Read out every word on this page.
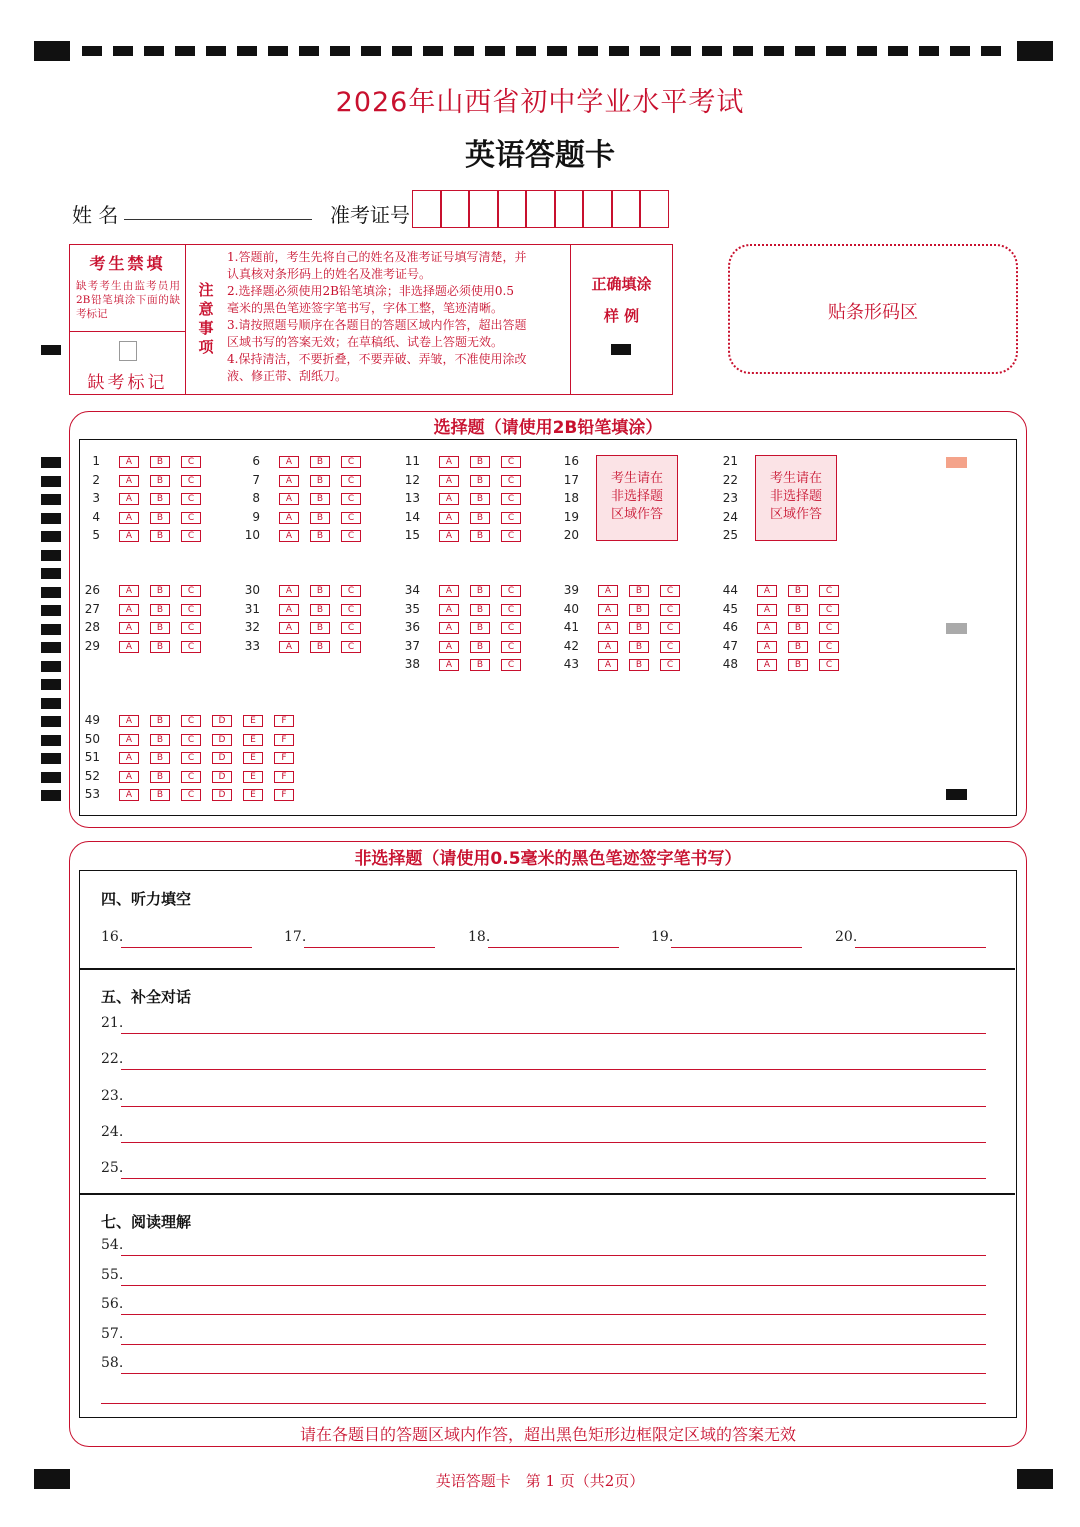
2026年山西省初中学业水平考试
英语答题卡
姓 名	准考证号
考生禁填
缺考考生由监考员用2B铅笔填涂下面的缺考标记
缺考标记
注
意
事
项
1.答题前，考生先将自己的姓名及准考证号填写清楚，并
认真核对条形码上的姓名及准考证号。
2.选择题必须使用2B铅笔填涂；非选择题必须使用0.5
毫米的黑色笔迹签字笔书写，字体工整，笔迹清晰。
3.请按照题号顺序在各题目的答题区域内作答，超出答题
区域书写的答案无效；在草稿纸、试卷上答题无效。
4.保持清洁，不要折叠，不要弄破、弄皱，不准使用涂改
液、修正带、刮纸刀。
正确填涂
样 例	贴条形码区
选择题（请使用2B铅笔填涂）
1	A	B	C
2	A	B	C
3	A	B	C
4	A	B	C
5	A	B	C
6	A	B	C
7	A	B	C
8	A	B	C
9	A	B	C
10	A	B	C
11	A	B	C
12	A	B	C
13	A	B	C
14	A	B	C
15	A	B	C
16
17
18
19
20
考生请在
非选择题
区域作答
21
22
23
24
25
考生请在
非选择题
区域作答
26	A	B	C
27	A	B	C
28	A	B	C
29	A	B	C
30	A	B	C
31	A	B	C
32	A	B	C
33	A	B	C
34	A	B	C
35	A	B	C
36	A	B	C
37	A	B	C
38	A	B	C
39	A	B	C
40	A	B	C
41	A	B	C
42	A	B	C
43	A	B	C
44	A	B	C
45	A	B	C
46	A	B	C
47	A	B	C
48	A	B	C
49	A	B	C	D	E	F
50	A	B	C	D	E	F
51	A	B	C	D	E	F
52	A	B	C	D	E	F
53	A	B	C	D	E	F
非选择题（请使用0.5毫米的黑色笔迹签字笔书写）
四、听力填空
16.	17.	18.	19.	20.
五、补全对话
21.
22.
23.
24.
25.
七、阅读理解
54.
55.
56.
57.
58.
请在各题目的答题区域内作答，超出黑色矩形边框限定区域的答案无效
英语答题卡　第 1 页（共2页）
